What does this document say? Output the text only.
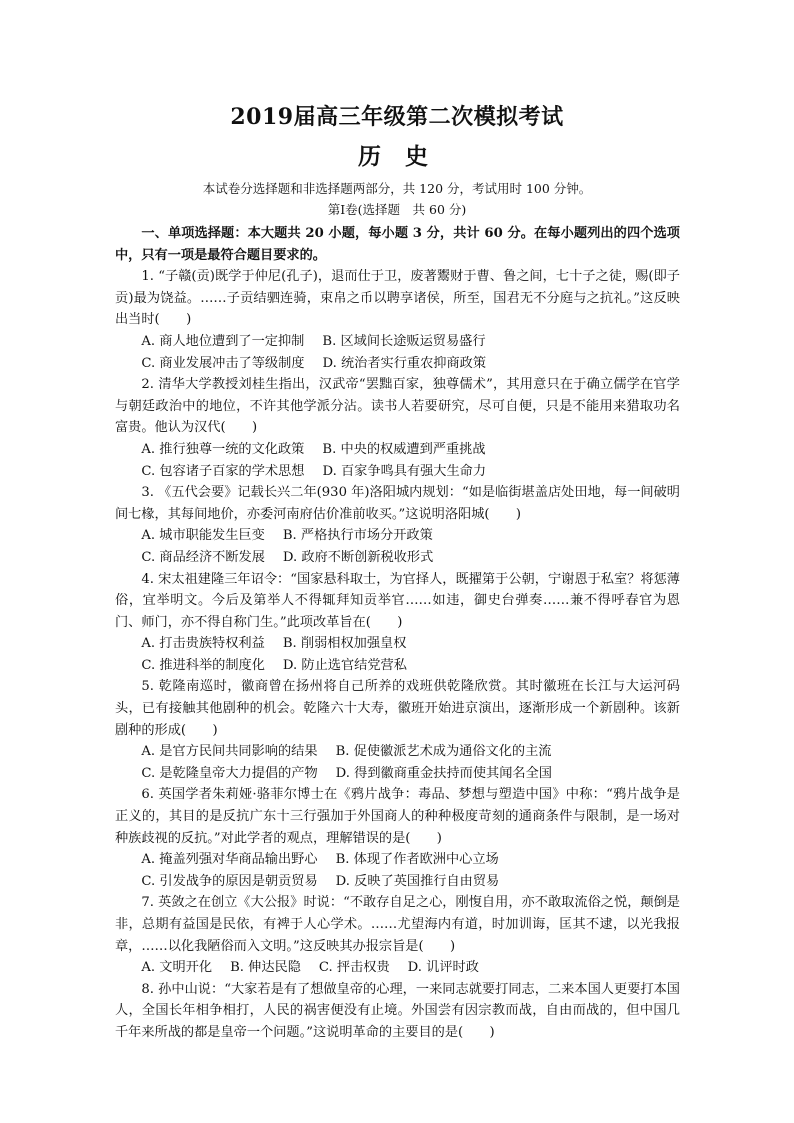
2019届高三年级第二次模拟考试
历 史
本试卷分选择题和非选择题两部分，共 120 分，考试用时 100 分钟。
第Ⅰ卷(选择题　共 60 分)

一、单项选择题：本大题共 20 小题，每小题 3 分，共计 60 分。在每小题列出的四个选项中，只有一项是最符合题目要求的。

1. “子赣(贡)既学于仲尼(孔子)，退而仕于卫，废著鬻财于曹、鲁之间，七十子之徒，赐(即子贡)最为饶益。……子贡结驷连骑，束帛之币以聘享诸侯，所至，国君无不分庭与之抗礼。”这反映出当时(　　)

A. 商人地位遭到了一定抑制 B. 区域间长途贩运贸易盛行

C. 商业发展冲击了等级制度 D. 统治者实行重农抑商政策

2. 清华大学教授刘桂生指出，汉武帝“罢黜百家，独尊儒术”，其用意只在于确立儒学在官学与朝廷政治中的地位，不许其他学派分沾。读书人若要研究，尽可自便，只是不能用来猎取功名富贵。他认为汉代(　　)

A. 推行独尊一统的文化政策 B. 中央的权威遭到严重挑战

C. 包容诸子百家的学术思想 D. 百家争鸣具有强大生命力

3. 《五代会要》记载长兴二年(930 年)洛阳城内规划：“如是临街堪盖店处田地，每一间破明间七椽，其每间地价，亦委河南府估价准前收买。”这说明洛阳城(　　)

A. 城市职能发生巨变 B. 严格执行市场分开政策

C. 商品经济不断发展 D. 政府不断创新税收形式

4. 宋太祖建隆三年诏令：“国家悬科取士，为官择人，既擢第于公朝，宁谢恩于私室？将惩薄俗，宜举明文。今后及第举人不得辄拜知贡举官……如违，御史台弹奏……兼不得呼春官为恩门、师门，亦不得自称门生。”此项改革旨在(　　)

A. 打击贵族特权利益 B. 削弱相权加强皇权

C. 推进科举的制度化 D. 防止选官结党营私

5. 乾隆南巡时，徽商曾在扬州将自己所养的戏班供乾隆欣赏。其时徽班在长江与大运河码头，已有接触其他剧种的机会。乾隆六十大寿，徽班开始进京演出，逐渐形成一个新剧种。该新剧种的形成(　　)

A. 是官方民间共同影响的结果 B. 促使徽派艺术成为通俗文化的主流

C. 是乾隆皇帝大力提倡的产物 D. 得到徽商重金扶持而使其闻名全国

6. 英国学者朱莉娅·骆菲尔博士在《鸦片战争：毒品、梦想与塑造中国》中称：“鸦片战争是正义的，其目的是反抗广东十三行强加于外国商人的种种极度苛刻的通商条件与限制，是一场对种族歧视的反抗。”对此学者的观点，理解错误的是(　　)

A. 掩盖列强对华商品输出野心 B. 体现了作者欧洲中心立场

C. 引发战争的原因是朝贡贸易 D. 反映了英国推行自由贸易

7. 英敛之在创立《大公报》时说：“不敢存自足之心，刚愎自用，亦不敢取流俗之悦，颠倒是非，总期有益国是民依，有裨于人心学术。……尤望海内有道，时加训诲，匡其不逮，以光我报章，……以化我陋俗而入文明。”这反映其办报宗旨是(　　)

A. 文明开化 B. 伸达民隐 C. 抨击权贵 D. 讥评时政

8. 孙中山说：“大家若是有了想做皇帝的心理，一来同志就要打同志，二来本国人更要打本国人，全国长年相争相打，人民的祸害便没有止境。外国尝有因宗教而战，自由而战的，但中国几千年来所战的都是皇帝一个问题。”这说明革命的主要目的是(　　)
